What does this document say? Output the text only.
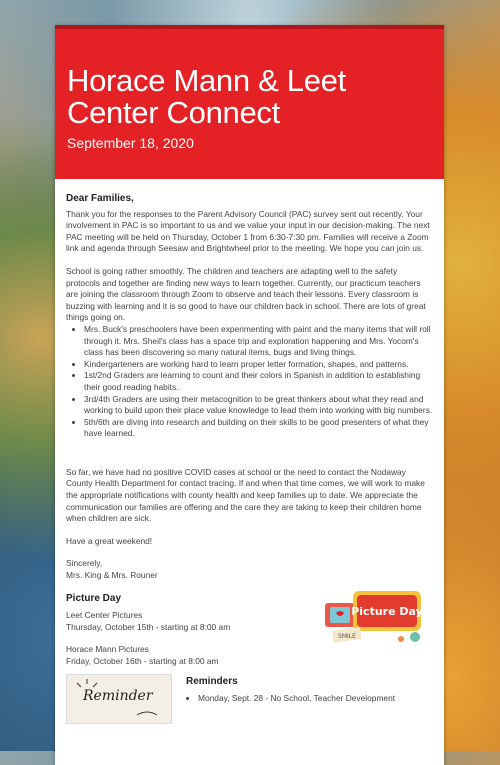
Horace Mann & Leet Center Connect
September 18, 2020
Dear Families,

Thank you for the responses to the Parent Advisory Council (PAC) survey sent out recently. Your involvement in PAC is so important to us and we value your input in our decision-making. The next PAC meeting will be held on Thursday, October 1 from 6:30-7:30 pm. Families will receive a Zoom link and agenda through Seesaw and Brightwheel prior to the meeting. We hope you can join us.

School is going rather smoothly. The children and teachers are adapting well to the safety protocols and together are finding new ways to learn together. Currently, our practicum teachers are joining the classroom through Zoom to observe and teach their lessons. Every classroom is buzzing with learning and it is so good to have our children back in school. There are lots of great things going on.

• Mrs. Buck's preschoolers have been experimenting with paint and the many items that will roll through it. Mrs. Sheil's class has a space trip and exploration happening and Mrs. Yocom's class has been discovering so many natural items, bugs and living things.
• Kindergarteners are working hard to learn proper letter formation, shapes, and patterns.
• 1st/2nd Graders are learning to count and their colors in Spanish in addition to establishing their good reading habits.
• 3rd/4th Graders are using their metacognition to be great thinkers about what they read and working to build upon their place value knowledge to lead them into working with big numbers.
• 5th/6th are diving into research and building on their skills to be good presenters of what they have learned.

So far, we have had no positive COVID cases at school or the need to contact the Nodaway County Health Department for contact tracing. If and when that time comes, we will work to make the appropriate notifications with county health and keep families up to date. We appreciate the communication our families are offering and the care they are taking to keep their children home when children are sick.

Have a great weekend!

Sincerely,

Mrs. King & Mrs. Rouner

Picture Day
Picture Day
SMILE
Leet Center Pictures

Thursday, October 15th - starting at 8:00 am

Horace Mann Pictures
Friday, October 16th - starting at 8:00 am
Reminder
Reminders
• Monday, Sept. 28 - No School, Teacher Development
